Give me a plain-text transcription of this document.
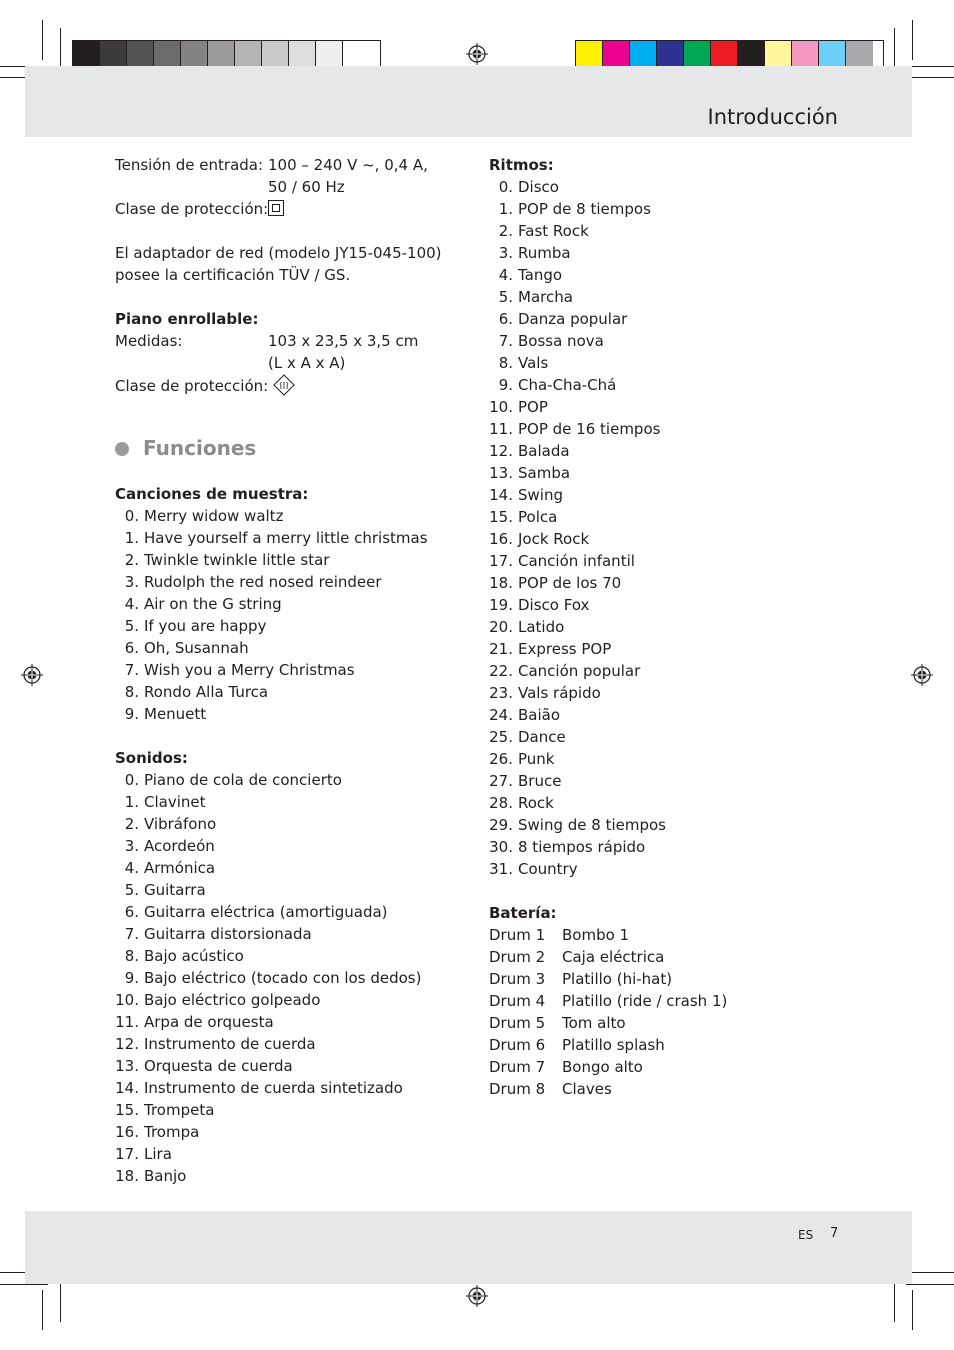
Introducción
Tensión de entrada: 100 – 240 V ~, 0,4 A,
50 / 60 Hz
Clase de protección:
El adaptador de red (modelo JY15-045-100)
posee la certificación TÜV / GS.
Piano enrollable:
Medidas:	103 x 23,5 x 3,5 cm
(L x A x A)
Clase de protección: III
Funciones
Canciones de muestra:
0. Merry widow waltz
1. Have yourself a merry little christmas
2. Twinkle twinkle little star
3. Rudolph the red nosed reindeer
4. Air on the G string
5. If you are happy
6. Oh, Susannah
7. Wish you a Merry Christmas
8. Rondo Alla Turca
9. Menuett
Sonidos:
0. Piano de cola de concierto
1. Clavinet
2. Vibráfono
3. Acordeón
4. Armónica
5. Guitarra
6. Guitarra eléctrica (amortiguada)
7. Guitarra distorsionada
8. Bajo acústico
9. Bajo eléctrico (tocado con los dedos)
10. Bajo eléctrico golpeado
11. Arpa de orquesta
12. Instrumento de cuerda
13. Orquesta de cuerda
14. Instrumento de cuerda sintetizado
15. Trompeta
16. Trompa
17. Lira
18. Banjo
Ritmos:
0. Disco
1. POP de 8 tiempos
2. Fast Rock
3. Rumba
4. Tango
5. Marcha
6. Danza popular
7. Bossa nova
8. Vals
9. Cha-Cha-Chá
10. POP
11. POP de 16 tiempos
12. Balada
13. Samba
14. Swing
15. Polca
16. Jock Rock
17. Canción infantil
18. POP de los 70
19. Disco Fox
20. Latido
21. Express POP
22. Canción popular
23. Vals rápido
24. Baião
25. Dance
26. Punk
27. Bruce
28. Rock
29. Swing de 8 tiempos
30. 8 tiempos rápido
31. Country
Batería:
Drum 1 Bombo 1
Drum 2 Caja eléctrica
Drum 3 Platillo (hi-hat)
Drum 4 Platillo (ride / crash 1)
Drum 5 Tom alto
Drum 6 Platillo splash
Drum 7 Bongo alto
Drum 8 Claves
ES 7
